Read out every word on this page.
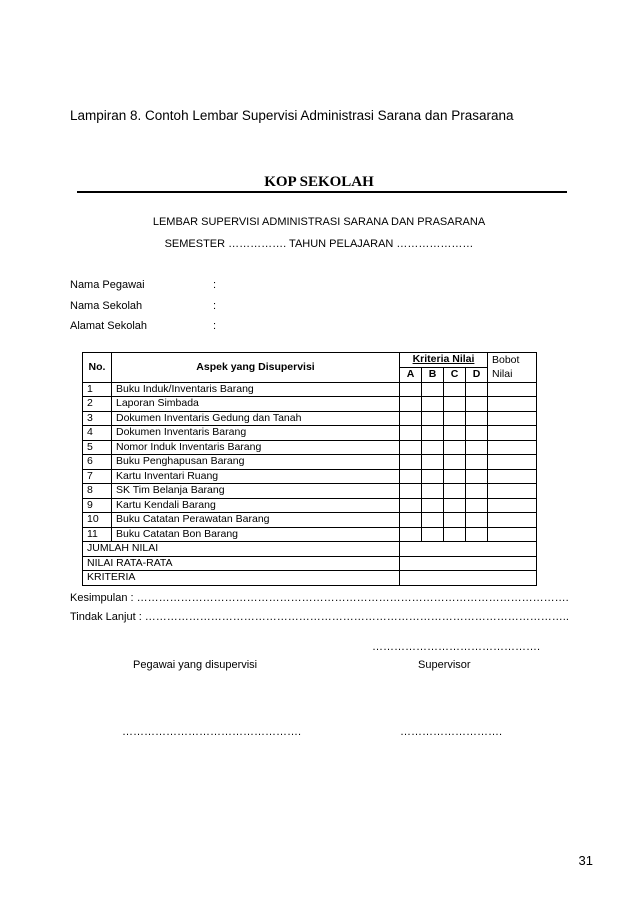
Lampiran 8. Contoh Lembar Supervisi Administrasi Sarana dan Prasarana
KOP SEKOLAH
LEMBAR SUPERVISI ADMINISTRASI SARANA DAN PRASARANA
SEMESTER ……………. TAHUN PELAJARAN …………………
Nama Pegawai	:
Nama Sekolah	:
Alamat Sekolah	:
No.	Aspek yang Disupervisi	Kriteria Nilai				Bobot
		A	B	C	D	Nilai
1	Buku Induk/Inventaris Barang					
2	Laporan Simbada					
3	Dokumen Inventaris Gedung dan Tanah					
4	Dokumen Inventaris Barang					
5	Nomor Induk Inventaris Barang					
6	Buku Penghapusan Barang					
7	Kartu Inventari Ruang					
8	SK Tim Belanja Barang					
9	Kartu Kendali Barang					
10	Buku Catatan Perawatan Barang					
11	Buku Catatan Bon Barang					
JUMLAH NILAI						
NILAI RATA-RATA						
KRITERIA						
Kesimpulan : ……………………………………………………………………………………………………….
Tindak Lanjut : ……………………………………………………………………………………………………..
……………………………………….
Pegawai yang disupervisi	Supervisor
………………………………………….	……………………….
31
